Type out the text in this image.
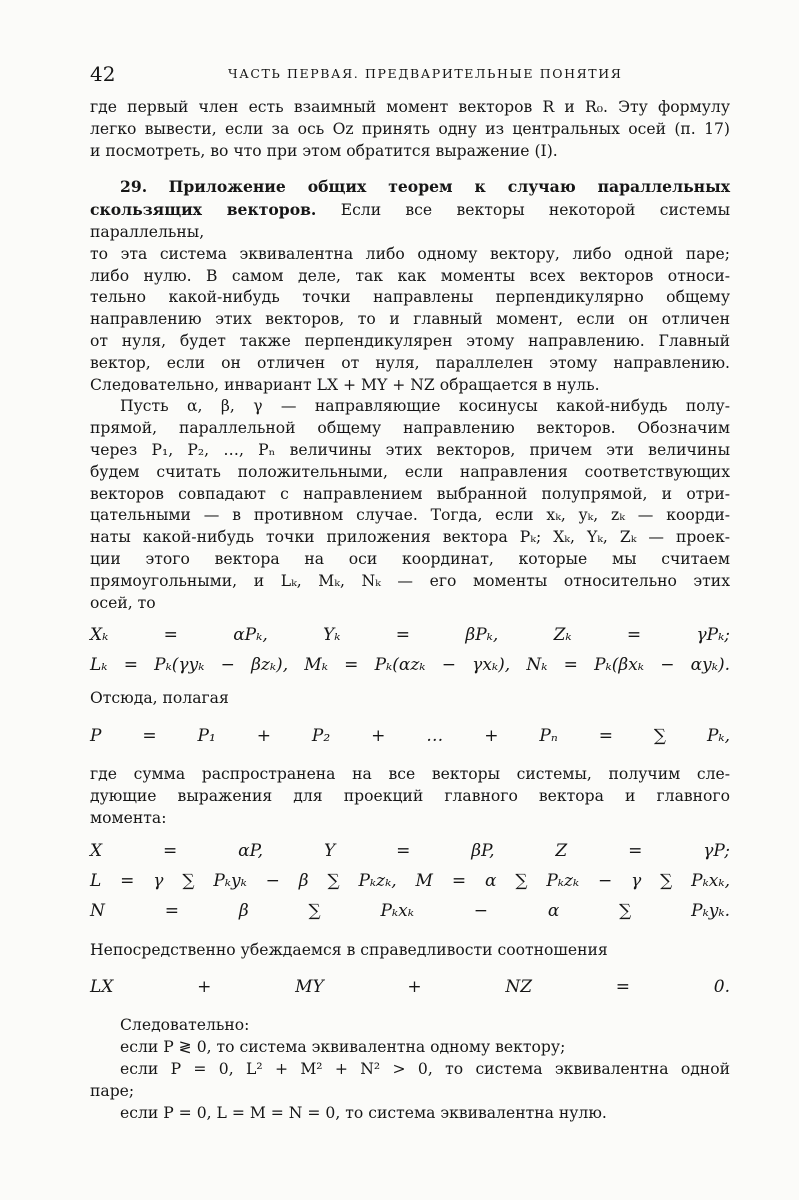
42	ЧАСТЬ ПЕРВАЯ. ПРЕДВАРИТЕЛЬНЫЕ ПОНЯТИЯ

где первый член есть взаимный момент векторов R и R₀. Эту формулу

легко вывести, если за ось Oz принять одну из центральных осей (п. 17)

и посмотреть, во что при этом обратится выражение (I).

29. Приложение общих теорем к случаю параллельных скользящих векторов. Если все векторы некоторой системы параллельны,

то эта система эквивалентна либо одному вектору, либо одной паре;

либо нулю. В самом деле, так как моменты всех векторов относи-

тельно какой-нибудь точки направлены перпендикулярно общему

направлению этих векторов, то и главный момент, если он отличен

от нуля, будет также перпендикулярен этому направлению. Главный

вектор, если он отличен от нуля, параллелен этому направлению.

Следовательно, инвариант LX + MY + NZ обращается в нуль.

Пусть α, β, γ — направляющие косинусы какой-нибудь полу-

прямой, параллельной общему направлению векторов. Обозначим

через P₁, P₂, …, Pₙ величины этих векторов, причем эти величины

будем считать положительными, если направления соответствующих

векторов совпадают с направлением выбранной полупрямой, и отри-

цательными — в противном случае. Тогда, если xₖ, yₖ, zₖ — коорди-

наты какой-нибудь точки приложения вектора Pₖ; Xₖ, Yₖ, Zₖ — проек-

ции этого вектора на оси координат, которые мы считаем

прямоугольными, и Lₖ, Mₖ, Nₖ — его моменты относительно этих

осей, то

Xₖ = αPₖ, Yₖ = βPₖ, Zₖ = γPₖ;

Lₖ = Pₖ(γyₖ − βzₖ), Mₖ = Pₖ(αzₖ − γxₖ), Nₖ = Pₖ(βxₖ − αyₖ).

Отсюда, полагая

P = P₁ + P₂ + … + Pₙ = ∑ Pₖ,

где сумма распространена на все векторы системы, получим сле-

дующие выражения для проекций главного вектора и главного

момента:

X = αP, Y = βP, Z = γP;

L = γ ∑ Pₖyₖ − β ∑ Pₖzₖ, M = α ∑ Pₖzₖ − γ ∑ Pₖxₖ,

N = β ∑ Pₖxₖ − α ∑ Pₖyₖ.

Непосредственно убеждаемся в справедливости соотношения

LX + MY + NZ = 0.

Следовательно:

если P ≷ 0, то система эквивалентна одному вектору;

если P = 0, L² + M² + N² > 0, то система эквивалентна одной

паре;

если P = 0, L = M = N = 0, то система эквивалентна нулю.
